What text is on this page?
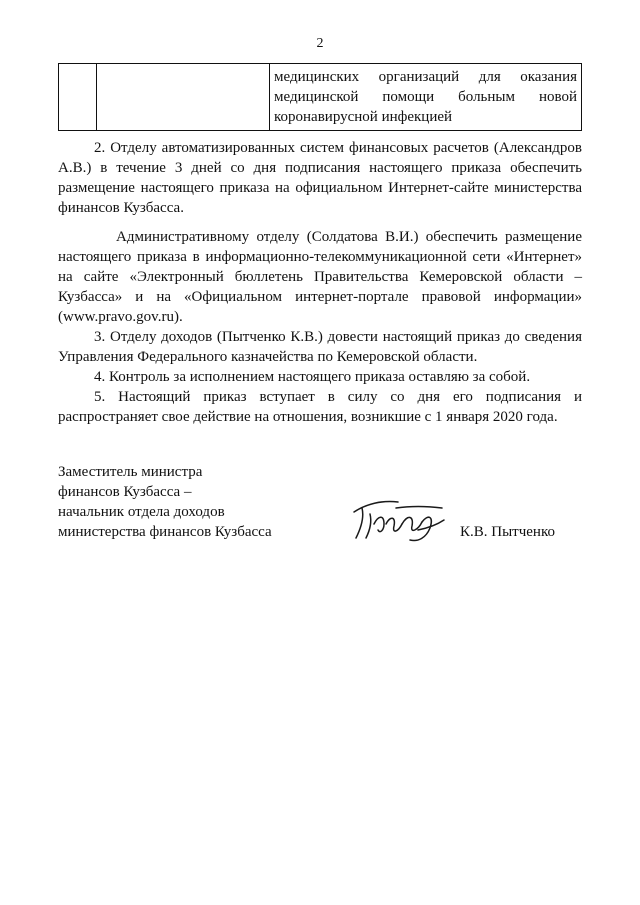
2
		медицинских организаций для оказания медицинской помощи больным новой коронавирусной инфекцией

2. Отделу автоматизированных систем финансовых расчетов (Александров А.В.) в течение 3 дней со дня подписания настоящего приказа обеспечить размещение настоящего приказа на официальном Интернет-сайте министерства финансов Кузбасса.

Административному отделу (Солдатова В.И.) обеспечить размещение настоящего приказа в информационно-телекоммуникационной сети «Интернет» на сайте «Электронный бюллетень Правительства Кемеровской области – Кузбасса» и на «Официальном интернет-портале правовой информации» (www.pravo.gov.ru).

3. Отделу доходов (Пытченко К.В.) довести настоящий приказ до сведения Управления Федерального казначейства по Кемеровской области.

4. Контроль за исполнением настоящего приказа оставляю за собой.

5. Настоящий приказ вступает в силу со дня его подписания и распространяет свое действие на отношения, возникшие с 1 января 2020 года.

Заместитель министра
финансов Кузбасса –
начальник отдела доходов
министерства финансов Кузбасса	К.В. Пытченко
